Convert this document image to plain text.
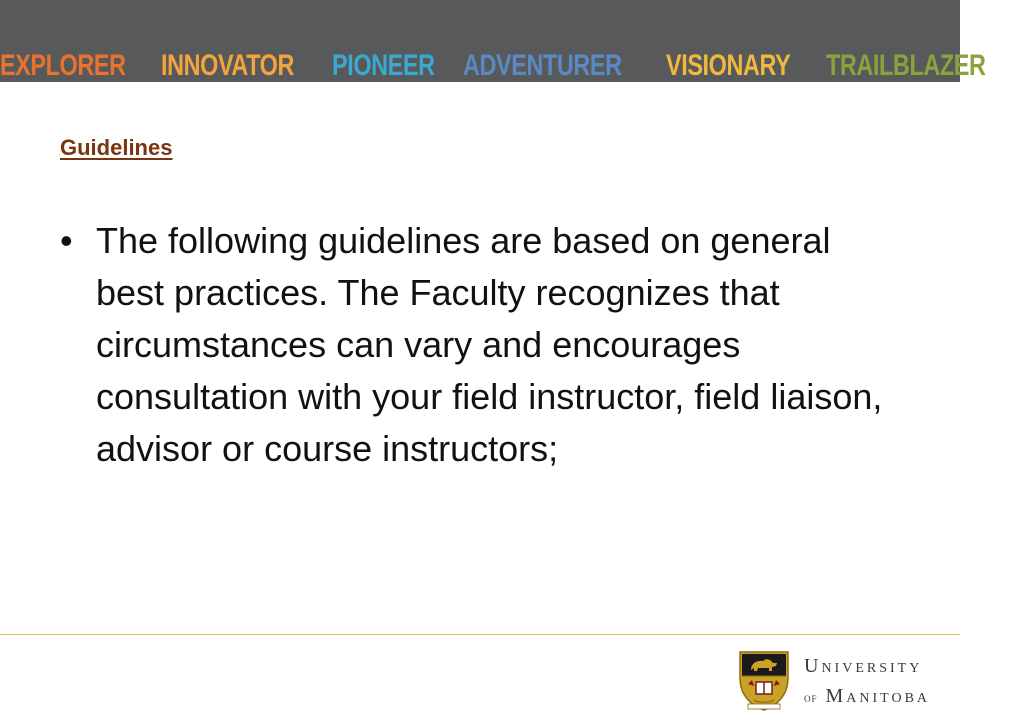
EXPLORER INNOVATOR PIONEER ADVENTURER VISIONARY TRAILBLAZER
Guidelines
• The following guidelines are based on general best practices. The Faculty recognizes that circumstances can vary and encourages consultation with your field instructor, field liaison, advisor or course instructors;
University
of Manitoba
